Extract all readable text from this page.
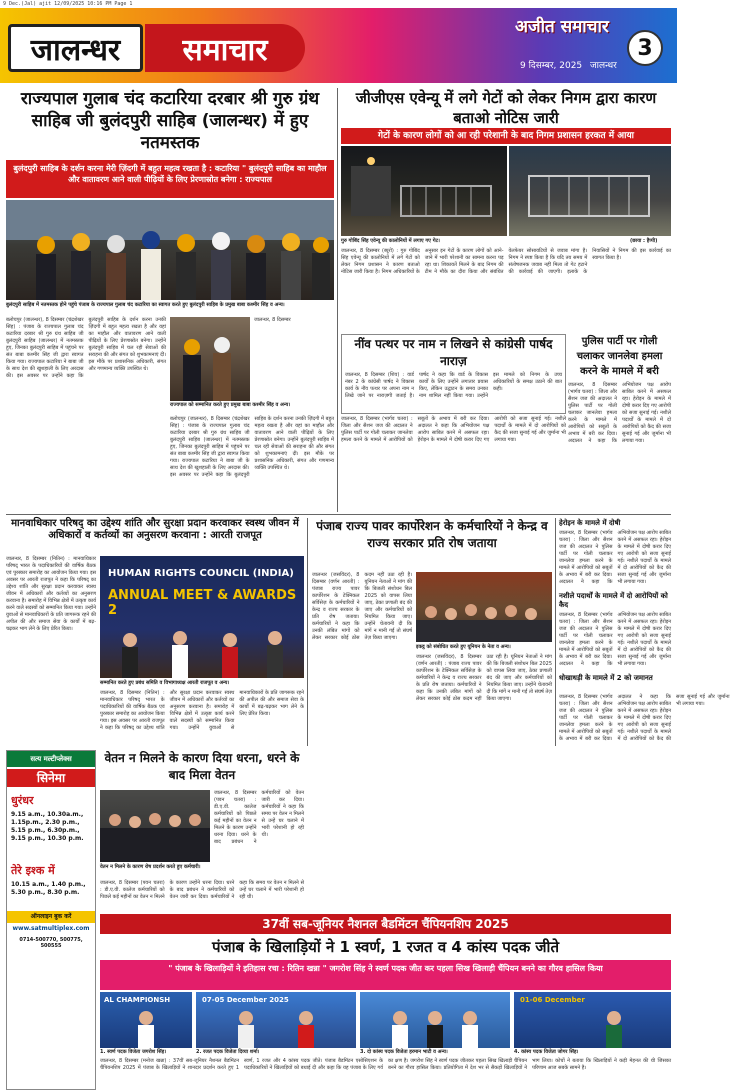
9 Dec.(Jal) ajit 12/09/2025 10:16 PM Page 1
जालन्धर	समाचार
अजीत समाचार
9 दिसम्बर, 2025 जालन्धर
3
राज्यपाल गुलाब चंद कटारिया दरबार श्री गुरु ग्रंथ साहिब जी बुलंदपुरी साहिब (जालन्धर) में हुए नतमस्तक
बुलंदपुरी साहिब के दर्शन करना मेरी ज़िंदगी में बहुत महत्व रखता है : कटारिया " बुलंदपुरी साहिब का माहौल और वातावरण आने वाली पीढ़ियों के लिए प्रेरणास्रोत बनेगा : राज्यपाल
बुलंदपुरी साहिब में नतमस्तक होने पहुंचे पंजाब के राज्यपाल गुलाब चंद कटारिया का स्वागत करते हुए बुलंदपुरी साहिब के प्रमुख बाबा कश्मीर सिंह व अन्य।
बलोचपुर (जालन्धर), 8 दिसम्बर (चंद्रशेखर सिंह) : पंजाब के राज्यपाल गुलाब चंद कटारिया दरबार श्री गुरु ग्रंथ साहिब जी बुलंदपुरी साहिब (जालन्धर) में नतमस्तक हुए, जिनका बुलंदपुरी साहिब में पहुंचने पर संत बाबा कश्मीर सिंह जी द्वारा स्वागत किया गया। राज्यपाल कटारिया ने बाबा जी के साथ देश की खुशहाली के लिए अरदास की। इस अवसर पर उन्होंने कहा कि बुलंदपुरी साहिब के दर्शन करना उनकी ज़िंदगी में बहुत महत्व रखता है और यहां का माहौल और वातावरण आने वाली पीढ़ियों के लिए प्रेरणास्रोत बनेगा। उन्होंने बुलंदपुरी साहिब में चल रही सेवाओं की सराहना की और संगत को शुभकामनाएं दीं। इस मौके पर प्रशासनिक अधिकारी, संगत और गणमान्य व्यक्ति उपस्थित थे।
राज्यपाल को सम्मानित करते हुए प्रमुख बाबा कश्मीर सिंह व अन्य।
जालन्धर, 8 दिसम्बर
बलोचपुर (जालन्धर), 8 दिसम्बर (चंद्रशेखर सिंह) : पंजाब के राज्यपाल गुलाब चंद कटारिया दरबार श्री गुरु ग्रंथ साहिब जी बुलंदपुरी साहिब (जालन्धर) में नतमस्तक हुए, जिनका बुलंदपुरी साहिब में पहुंचने पर संत बाबा कश्मीर सिंह जी द्वारा स्वागत किया गया। राज्यपाल कटारिया ने बाबा जी के साथ देश की खुशहाली के लिए अरदास की। इस अवसर पर उन्होंने कहा कि बुलंदपुरी साहिब के दर्शन करना उनकी ज़िंदगी में बहुत महत्व रखता है और यहां का माहौल और वातावरण आने वाली पीढ़ियों के लिए प्रेरणास्रोत बनेगा। उन्होंने बुलंदपुरी साहिब में चल रही सेवाओं की सराहना की और संगत को शुभकामनाएं दीं। इस मौके पर प्रशासनिक अधिकारी, संगत और गणमान्य व्यक्ति उपस्थित थे।
जीजीएस एवेन्यू में लगे गेटों को लेकर निगम द्वारा कारण बताओ नोटिस जारी
गेटों के कारण लोगों को आ रही परेशानी के बाद निगम प्रशासन हरकत में आया
गुरु गोबिंद सिंह एवेन्यू की कालोनियों में लगाए गए गेट।	(छाया : हैप्पी)
जालन्धर, 8 दिसम्बर (ब्यूरो) : गुरु गोबिंद सिंह एवेन्यू की कालोनियों में लगे गेटों को लेकर निगम प्रशासन ने कारण बताओ नोटिस जारी किया है। निगम अधिकारियों के अनुसार इन गेटों के कारण लोगों को आने-जाने में भारी परेशानी का सामना करना पड़ रहा था। शिकायतें मिलने के बाद निगम की टीम ने मौके का दौरा किया और संबंधित वेलफेयर सोसायटियों से जवाब मांगा है। निगम ने स्पष्ट किया है कि यदि तय समय में संतोषजनक जवाब नहीं मिला तो गेट हटाने की कार्रवाई की जाएगी। इलाके के निवासियों ने निगम की इस कार्रवाई का स्वागत किया है।
नींव पत्थर पर नाम न लिखने से कांग्रेसी पार्षद नाराज़
जालन्धर, 8 दिसम्बर (शिव) : वार्ड नंबर 2 के कांग्रेसी पार्षद ने विकास कार्य के नींव पत्थर पर अपना नाम न लिखे जाने पर नाराज़गी जताई है। पार्षद ने कहा कि वार्ड के विकास कार्यों के लिए उन्होंने लगातार प्रयास किए, लेकिन उद्घाटन के समय उनका नाम शामिल नहीं किया गया। उन्होंने इस मामले को निगम के उच्च अधिकारियों के समक्ष उठाने की बात कही।
पुलिस पार्टी पर गोली चलाकर जानलेवा हमला करने के मामले में बरी
जालन्धर, 8 दिसम्बर (भार्गव चतरा) : जिला और सैशन जज की अदालत ने पुलिस पार्टी पर गोली चलाकर जानलेवा हमला करने के मामले में आरोपियों को सबूतों के अभाव में बरी कर दिया। अदालत ने कहा कि अभियोजन पक्ष आरोप साबित करने में असफल रहा। हेरोइन के मामले में दोषी करार दिए गए आरोपी को सजा सुनाई गई। नशीले पदार्थों के मामले में दो आरोपियों को कैद की सजा सुनाई गई और जुर्माना भी लगाया गया।
जालन्धर, 8 दिसम्बर (भार्गव चतरा) : जिला और सैशन जज की अदालत ने पुलिस पार्टी पर गोली चलाकर जानलेवा हमला करने के मामले में आरोपियों को सबूतों के अभाव में बरी कर दिया। अदालत ने कहा कि अभियोजन पक्ष आरोप साबित करने में असफल रहा। हेरोइन के मामले में दोषी करार दिए गए आरोपी को सजा सुनाई गई। नशीले पदार्थों के मामले में दो आरोपियों को कैद की सजा सुनाई गई और जुर्माना भी लगाया गया।
मानवाधिकार परिषद् का उद्देश्य शांति और सुरक्षा प्रदान करवाकर स्वस्थ जीवन में अधिकारों व कर्तव्यों का अनुसरण करवाना : आरती राजपूत
HUMAN RIGHTS COUNCIL (INDIA)
ANNUAL MEET & AWARDS 2
जालन्धर, 8 दिसम्बर (नितिन) : मानवाधिकार परिषद् भारत के पदाधिकारियों की वार्षिक बैठक एवं पुरस्कार समारोह का आयोजन किया गया। इस अवसर पर आरती राजपूत ने कहा कि परिषद् का उद्देश्य शांति और सुरक्षा प्रदान करवाकर स्वस्थ जीवन में अधिकारों और कर्तव्यों का अनुसरण करवाना है। समारोह में विभिन्न क्षेत्रों में उत्कृष्ट कार्य करने वाले सदस्यों को सम्मानित किया गया। उन्होंने युवाओं से मानवाधिकारों के प्रति जागरूक रहने की अपील की और समाज सेवा के कार्यों में बढ़-चढ़कर भाग लेने के लिए प्रेरित किया।
सम्मानित करते हुए प्रबंध समिति व विभागाध्यक्ष आरती राजपूत व अन्य।
जालन्धर, 8 दिसम्बर (नितिन) : मानवाधिकार परिषद् भारत के पदाधिकारियों की वार्षिक बैठक एवं पुरस्कार समारोह का आयोजन किया गया। इस अवसर पर आरती राजपूत ने कहा कि परिषद् का उद्देश्य शांति और सुरक्षा प्रदान करवाकर स्वस्थ जीवन में अधिकारों और कर्तव्यों का अनुसरण करवाना है। समारोह में विभिन्न क्षेत्रों में उत्कृष्ट कार्य करने वाले सदस्यों को सम्मानित किया गया। उन्होंने युवाओं से मानवाधिकारों के प्रति जागरूक रहने की अपील की और समाज सेवा के कार्यों में बढ़-चढ़कर भाग लेने के लिए प्रेरित किया।
पंजाब राज्य पावर कार्पोरेशन के कर्मचारियों ने केन्द्र व राज्य सरकार प्रति रोष जताया
जालन्धर (जसविंदर), 8 दिसम्बर (वर्णन आरती) : पंजाब राज्य पावर कार्पोरेशन के टेक्निकल सर्विसेज़ के कर्मचारियों ने केन्द्र व राज्य सरकार के प्रति रोष जताया। कर्मचारियों ने कहा कि उनकी लंबित मांगों को लेकर सरकार कोई ठोस कदम नहीं उठा रही है। यूनियन नेताओं ने मांग की कि बिजली संशोधन बिल 2025 को वापस लिया जाए, ठेका प्रणाली बंद की जाए और कर्मचारियों को नियमित किया जाए। उन्होंने चेतावनी दी कि मांगें न मानी गईं तो संघर्ष तेज़ किया जाएगा।
इकट्ठ को संबोधित करते हुए यूनियन के नेता व अन्य।
जालन्धर (जसविंदर), 8 दिसम्बर (वर्णन आरती) : पंजाब राज्य पावर कार्पोरेशन के टेक्निकल सर्विसेज़ के कर्मचारियों ने केन्द्र व राज्य सरकार के प्रति रोष जताया। कर्मचारियों ने कहा कि उनकी लंबित मांगों को लेकर सरकार कोई ठोस कदम नहीं उठा रही है। यूनियन नेताओं ने मांग की कि बिजली संशोधन बिल 2025 को वापस लिया जाए, ठेका प्रणाली बंद की जाए और कर्मचारियों को नियमित किया जाए। उन्होंने चेतावनी दी कि मांगें न मानी गईं तो संघर्ष तेज़ किया जाएगा।
हेरोइन के मामले में दोषी
जालन्धर, 8 दिसम्बर (भार्गव चतरा) : जिला और सैशन जज की अदालत ने पुलिस पार्टी पर गोली चलाकर जानलेवा हमला करने के मामले में आरोपियों को सबूतों के अभाव में बरी कर दिया। अदालत ने कहा कि अभियोजन पक्ष आरोप साबित करने में असफल रहा। हेरोइन के मामले में दोषी करार दिए गए आरोपी को सजा सुनाई गई। नशीले पदार्थों के मामले में दो आरोपियों को कैद की सजा सुनाई गई और जुर्माना भी लगाया गया।
नशीले पदार्थों के मामले में दो आरोपियों को कैद
जालन्धर, 8 दिसम्बर (भार्गव चतरा) : जिला और सैशन जज की अदालत ने पुलिस पार्टी पर गोली चलाकर जानलेवा हमला करने के मामले में आरोपियों को सबूतों के अभाव में बरी कर दिया। अदालत ने कहा कि अभियोजन पक्ष आरोप साबित करने में असफल रहा। हेरोइन के मामले में दोषी करार दिए गए आरोपी को सजा सुनाई गई। नशीले पदार्थों के मामले में दो आरोपियों को कैद की सजा सुनाई गई और जुर्माना भी लगाया गया।
धोखाधड़ी के मामले में 2 को जमानत
जालन्धर, 8 दिसम्बर (भार्गव चतरा) : जिला और सैशन जज की अदालत ने पुलिस पार्टी पर गोली चलाकर जानलेवा हमला करने के मामले में आरोपियों को सबूतों के अभाव में बरी कर दिया। अदालत ने कहा कि अभियोजन पक्ष आरोप साबित करने में असफल रहा। हेरोइन के मामले में दोषी करार दिए गए आरोपी को सजा सुनाई गई। नशीले पदार्थों के मामले में दो आरोपियों को कैद की सजा सुनाई गई और जुर्माना भी लगाया गया।
वेतन न मिलने के कारण दिया धरना, धरने के बाद मिला वेतन
वेतन न मिलने के कारण रोष प्रदर्शन करते हुए कर्मचारी।
जालन्धर, 8 दिसम्बर (पवन चतरा) : डी.ए.वी. कालेज कर्मचारियों को पिछले कई महीनों का वेतन न मिलने के कारण उन्होंने धरना दिया। धरने के बाद प्रबंधन ने कर्मचारियों को वेतन जारी कर दिया। कर्मचारियों ने कहा कि समय पर वेतन न मिलने से उन्हें घर चलाने में भारी परेशानी हो रही थी।
जालन्धर, 8 दिसम्बर (पवन चतरा) : डी.ए.वी. कालेज कर्मचारियों को पिछले कई महीनों का वेतन न मिलने के कारण उन्होंने धरना दिया। धरने के बाद प्रबंधन ने कर्मचारियों को वेतन जारी कर दिया। कर्मचारियों ने कहा कि समय पर वेतन न मिलने से उन्हें घर चलाने में भारी परेशानी हो रही थी।
सत्य मल्टीप्लेक्स
सिनेमा
धुरंधर
9.15 a.m., 10.30a.m., 1.15p.m., 2.30 p.m., 5.15 p.m., 6.30p.m., 9.15 p.m., 10.30 p.m.
तेरे इश्क में
10.15 a.m., 1.40 p.m., 5.30 p.m., 8.30 p.m.
ऑनलाइन बुक करें
www.satmultiplex.com
0714-500770, 500775, 500555
37वीं सब-जूनियर नैशनल बैडमिंटन चैंपियनशिप 2025
पंजाब के खिलाड़ियों ने 1 स्वर्ण, 1 रजत व 4 कांस्य पदक जीते
" पंजाब के खिलाड़ियों ने इतिहास रचा : रितिन खन्ना " जगरोश सिंह ने स्वर्ण पदक जीत कर पहला सिख खिलाड़ी चैंपियन बनने का गौरव हासिल किया
AL CHAMPIONSH	07-05 December 2025	01-06 December
1. स्वर्ण पदक विजेता जगरोश सिंह।	2. रजत पदक विजेता दिव्या शर्मा।	3. दो कांस्य पदक विजेता हरमान भाटी व अन्य।	4. कांस्य पदक विजेता जोगर सिंह।
जालन्धर, 8 दिसम्बर (मनोज खन्ना) : 37वीं सब-जूनियर नैशनल बैडमिंटन चैंपियनशिप 2025 में पंजाब के खिलाड़ियों ने शानदार प्रदर्शन करते हुए 1 स्वर्ण, 1 रजत और 4 कांस्य पदक जीते। पंजाब बैडमिंटन एसोसिएशन के पदाधिकारियों ने खिलाड़ियों को बधाई दी और कहा कि यह पंजाब के लिए गर्व का क्षण है। जगरोश सिंह ने स्वर्ण पदक जीतकर पहला सिख खिलाड़ी चैंपियन बनने का गौरव हासिल किया। प्रतियोगिता में देश भर से सैकड़ों खिलाड़ियों ने भाग लिया। कोचों ने बताया कि खिलाड़ियों ने कड़ी मेहनत की थी जिसका परिणाम आज सबके सामने है।
